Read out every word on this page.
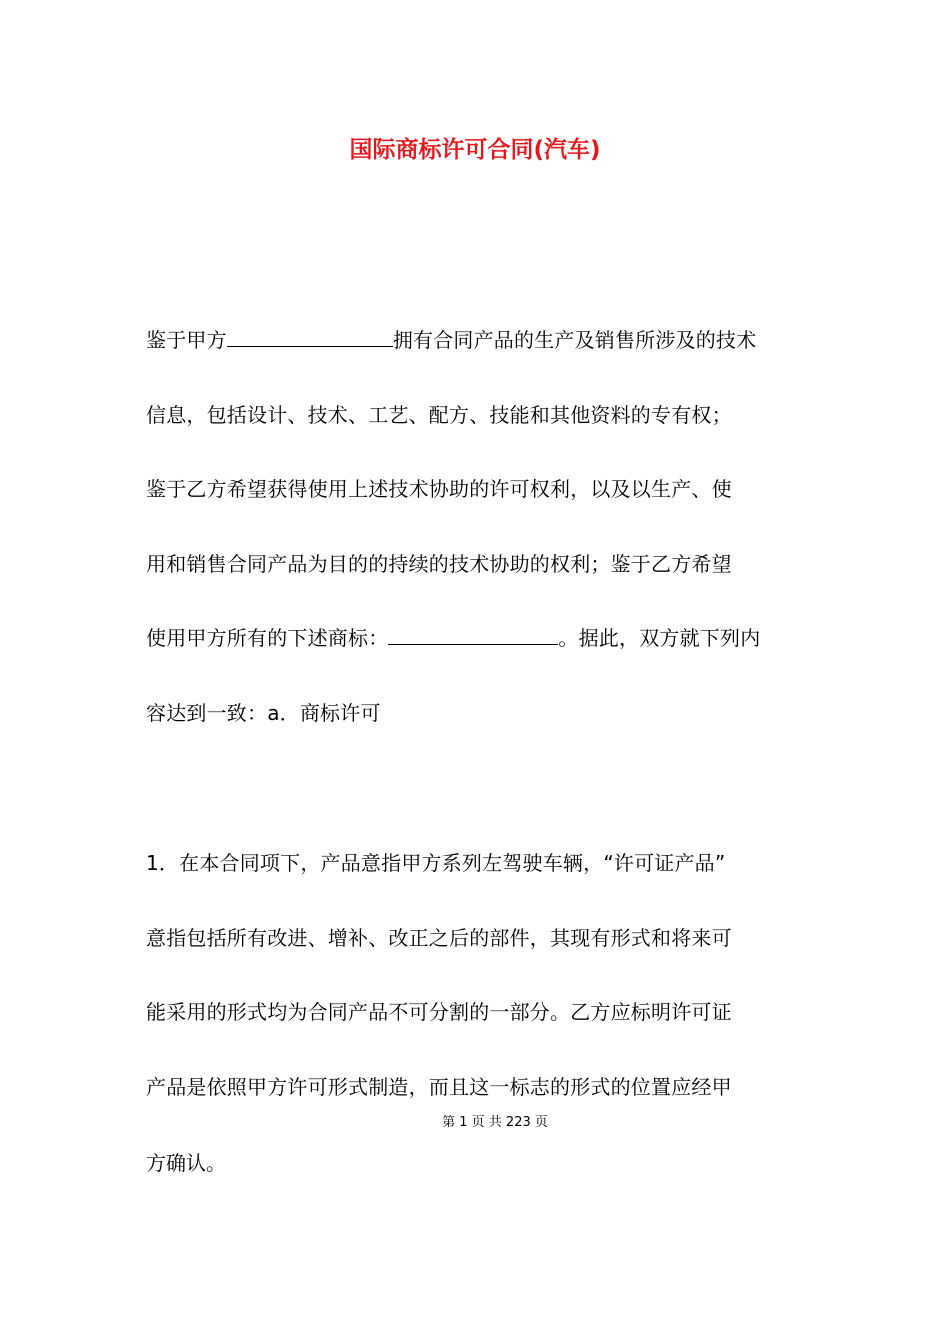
国际商标许可合同(汽车)
鉴于甲方	拥有合同产品的生产及销售所涉及的技术
信息，包括设计、技术、工艺、配方、技能和其他资料的专有权；
鉴于乙方希望获得使用上述技术协助的许可权利，以及以生产、使
用和销售合同产品为目的的持续的技术协助的权利；鉴于乙方希望
使用甲方所有的下述商标：	。据此，双方就下列内
容达到一致：a．商标许可
1．在本合同项下，产品意指甲方系列左驾驶车辆，“许可证产品”
意指包括所有改进、增补、改正之后的部件，其现有形式和将来可
能采用的形式均为合同产品不可分割的一部分。乙方应标明许可证
产品是依照甲方许可形式制造，而且这一标志的形式的位置应经甲
第 1 页 共 223 页

方确认。
